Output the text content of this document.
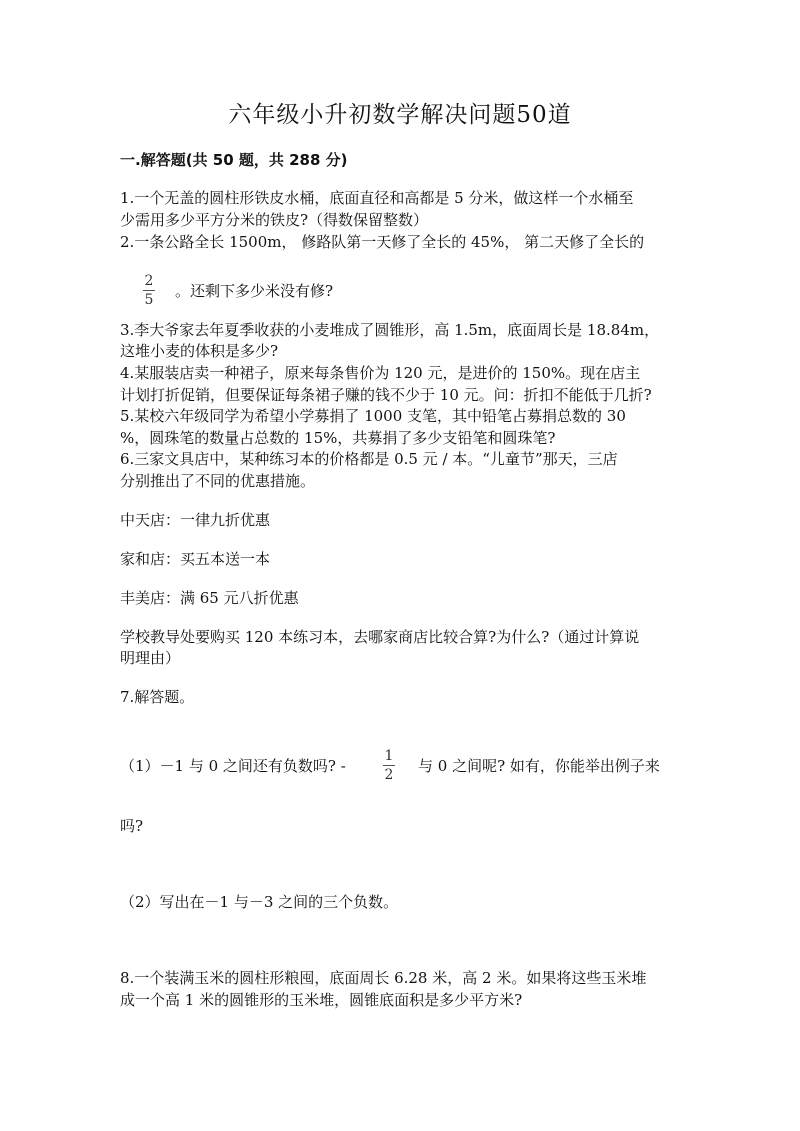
六年级小升初数学解决问题50道
一.解答题(共 50 题，共 288 分)
1.一个无盖的圆柱形铁皮水桶，底面直径和高都是 5 分米，做这样一个水桶至
少需用多少平方分米的铁皮?（得数保留整数）
2.一条公路全长 1500m， 修路队第一天修了全长的 45%， 第二天修了全长的
2
5 。还剩下多少米没有修?
3.李大爷家去年夏季收获的小麦堆成了圆锥形，高 1.5m，底面周长是 18.84m，
这堆小麦的体积是多少?
4.某服装店卖一种裙子，原来每条售价为 120 元，是进价的 150%。现在店主
计划打折促销，但要保证每条裙子赚的钱不少于 10 元。问：折扣不能低于几折?
5.某校六年级同学为希望小学募捐了 1000 支笔，其中铅笔占募捐总数的 30
%，圆珠笔的数量占总数的 15%，共募捐了多少支铅笔和圆珠笔?
6.三家文具店中，某种练习本的价格都是 0.5 元 / 本。“儿童节”那天，三店
分别推出了不同的优惠措施。
中天店：一律九折优惠
家和店：买五本送一本
丰美店：满 65 元八折优惠
学校教导处要购买 120 本练习本，去哪家商店比较合算?为什么?（通过计算说
明理由）
7.解答题。
（1）－1 与 0 之间还有负数吗? -
1
2 与 0 之间呢? 如有，你能举出例子来
吗?
（2）写出在－1 与－3 之间的三个负数。
8.一个装满玉米的圆柱形粮囤，底面周长 6.28 米，高 2 米。如果将这些玉米堆
成一个高 1 米的圆锥形的玉米堆，圆锥底面积是多少平方米?
